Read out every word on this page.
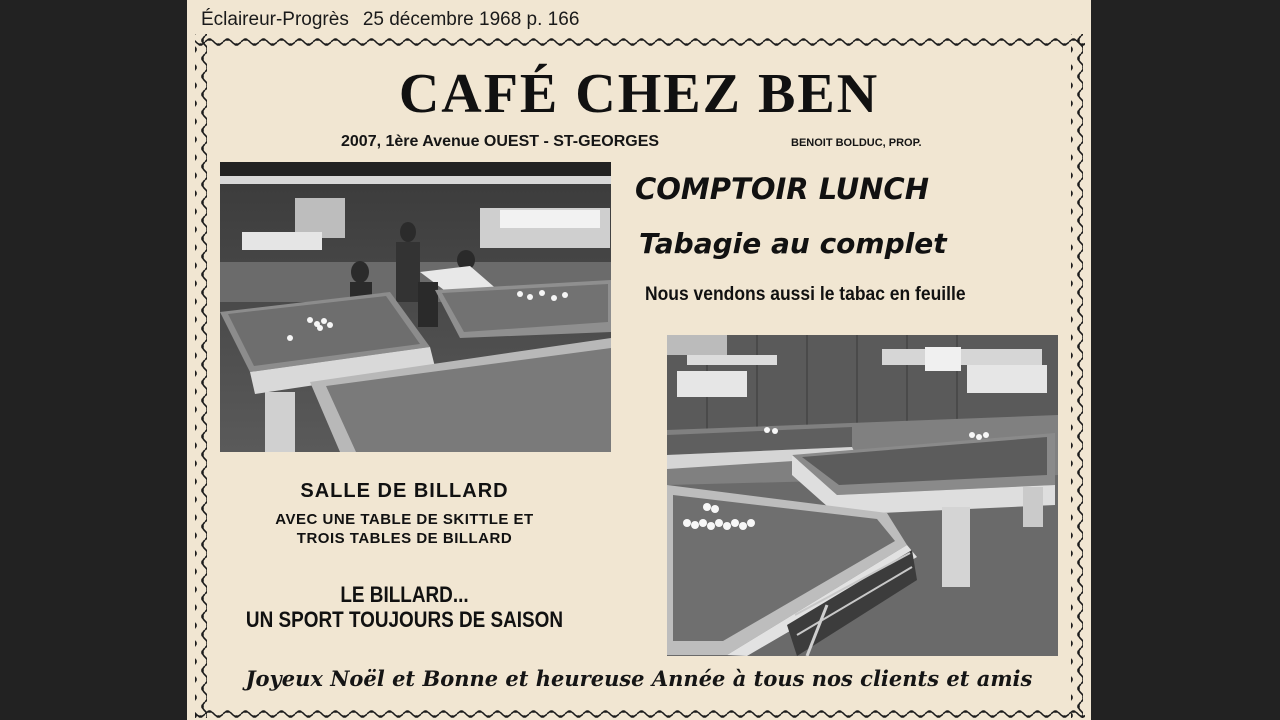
Éclaireur-Progrès 25 décembre 1968 p. 166
CAFÉ CHEZ BEN
2007, 1ère Avenue OUEST - ST-GEORGES	BENOIT BOLDUC, PROP.
COMPTOIR LUNCH
Tabagie au complet
Nous vendons aussi le tabac en feuille
SALLE DE BILLARD
AVEC UNE TABLE DE SKITTLE ET
TROIS TABLES DE BILLARD
LE BILLARD...
UN SPORT TOUJOURS DE SAISON
Joyeux Noël et Bonne et heureuse Année à tous nos clients et amis
